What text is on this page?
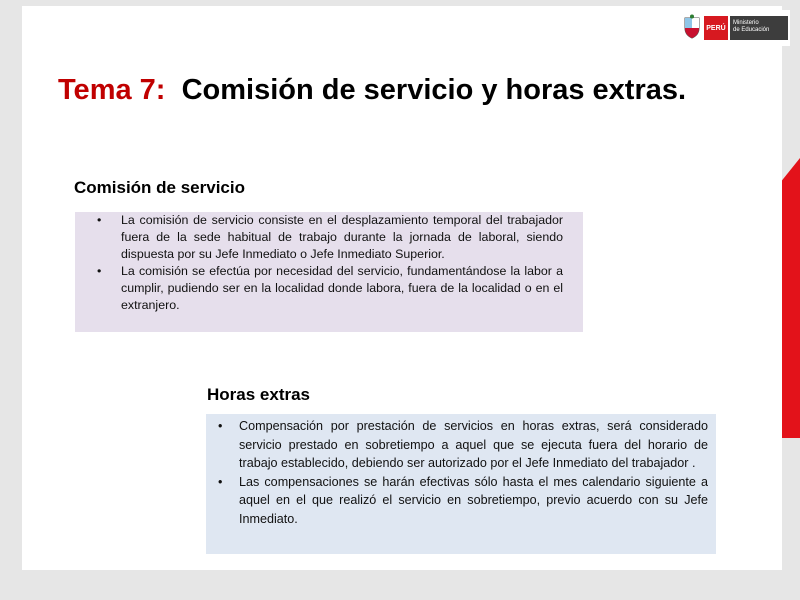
PERÚ
Ministerio
de Educación
Tema 7: Comisión de servicio y horas extras.
Comisión de servicio
• La comisión de servicio consiste en el desplazamiento temporal del trabajador fuera de la sede habitual de trabajo durante la jornada de laboral, siendo dispuesta por su Jefe Inmediato o Jefe Inmediato Superior.
• La comisión se efectúa por necesidad del servicio, fundamentándose la labor a cumplir, pudiendo ser en la localidad donde labora, fuera de la localidad o en el extranjero.
Horas extras
• Compensación por prestación de servicios en horas extras, será considerado servicio prestado en sobretiempo a aquel que se ejecuta fuera del horario de trabajo establecido, debiendo ser autorizado por el Jefe Inmediato del trabajador .
• Las compensaciones se harán efectivas sólo hasta el mes calendario siguiente a aquel en el que realizó el servicio en sobretiempo, previo acuerdo con su Jefe Inmediato.
